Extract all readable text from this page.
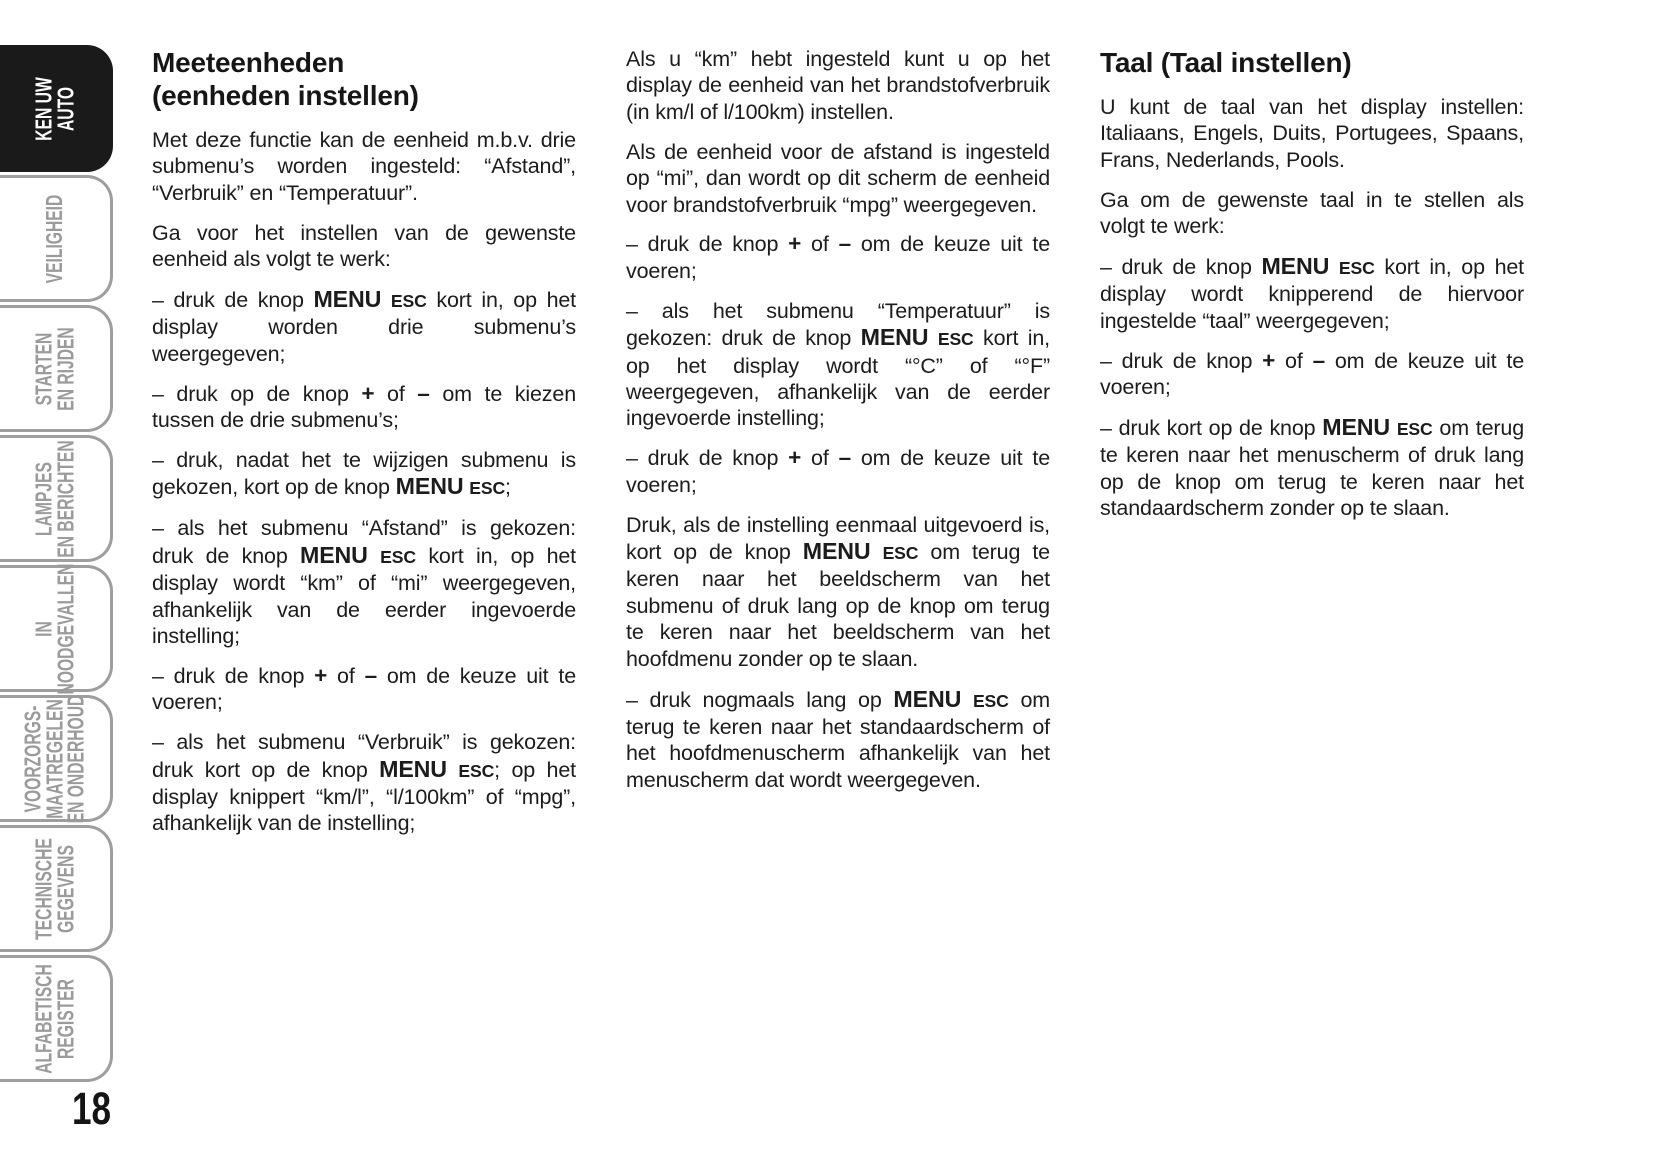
KEN UW
AUTO
VEILIGHEID
STARTEN
EN RIJDEN
LAMPJES
EN BERICHTEN
IN
NOODGEVALLEN
VOORZORGS-
MAATREGELEN
EN ONDERHOUD
TECHNISCHE
GEGEVENS
ALFABETISCH
REGISTER
Meeteenheden
(eenheden instellen)

Met deze functie kan de eenheid m.b.v. drie submenu’s worden ingesteld: “Afstand”, “Verbruik” en “Temperatuur”.

Ga voor het instellen van de gewenste eenheid als volgt te werk:

– druk de knop MENU ESC kort in, op het display worden drie submenu’s weergegeven;

– druk op de knop + of – om te kiezen tussen de drie submenu’s;

– druk, nadat het te wijzigen submenu is gekozen, kort op de knop MENU ESC;

– als het submenu “Afstand” is gekozen: druk de knop MENU ESC kort in, op het display wordt “km” of “mi” weergegeven, afhankelijk van de eerder ingevoerde instelling;

– druk de knop + of – om de keuze uit te voeren;

– als het submenu “Verbruik” is gekozen: druk kort op de knop MENU ESC; op het display knippert “km/l”, “l/100km” of “mpg”, afhankelijk van de instelling;

Als u “km” hebt ingesteld kunt u op het display de eenheid van het brandstofverbruik (in km/l of l/100km) instellen.

Als de eenheid voor de afstand is ingesteld op “mi”, dan wordt op dit scherm de eenheid voor brandstofverbruik “mpg” weergegeven.

– druk de knop + of – om de keuze uit te voeren;

– als het submenu “Temperatuur” is gekozen: druk de knop MENU ESC kort in, op het display wordt “°C” of “°F” weergegeven, afhankelijk van de eerder ingevoerde instelling;

– druk de knop + of – om de keuze uit te voeren;

Druk, als de instelling eenmaal uitgevoerd is, kort op de knop MENU ESC om terug te keren naar het beeldscherm van het submenu of druk lang op de knop om terug te keren naar het beeldscherm van het hoofdmenu zonder op te slaan.

– druk nogmaals lang op MENU ESC om terug te keren naar het standaardscherm of het hoofdmenuscherm afhankelijk van het menuscherm dat wordt weergegeven.

Taal (Taal instellen)

U kunt de taal van het display instellen: Italiaans, Engels, Duits, Portugees, Spaans, Frans, Nederlands, Pools.

Ga om de gewenste taal in te stellen als volgt te werk:

– druk de knop MENU ESC kort in, op het display wordt knipperend de hiervoor ingestelde “taal” weergegeven;

– druk de knop + of – om de keuze uit te voeren;

– druk kort op de knop MENU ESC om terug te keren naar het menuscherm of druk lang op de knop om terug te keren naar het standaardscherm zonder op te slaan.

18
